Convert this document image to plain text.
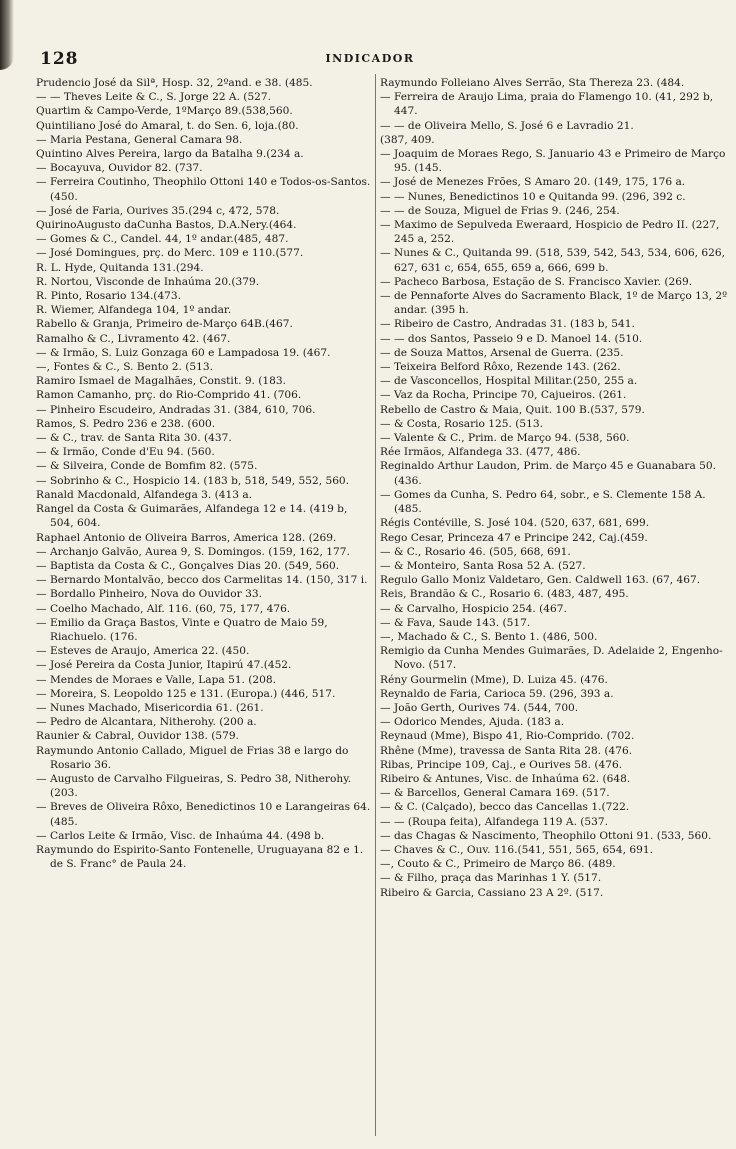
128	INDICADOR

Prudencio José da Silª, Hosp. 32, 2ºand. e 38. (485.

— — Theves Leite & C., S. Jorge 22 A. (527.

Quartim & Campo-Verde, 1ºMarço 89.(538,560.

Quintiliano José do Amaral, t. do Sen. 6, loja.(80.

— Maria Pestana, General Camara 98.

Quintino Alves Pereira, largo da Batalha 9.(234 a.

— Bocayuva, Ouvidor 82. (737.

— Ferreira Coutinho, Theophilo Ottoni 140 e Todos-os-Santos. (450.

— José de Faria, Ourives 35.(294 c, 472, 578.

QuirinoAugusto daCunha Bastos, D.A.Nery.(464.

— Gomes & C., Candel. 44, 1º andar.(485, 487.

— José Domingues, prç. do Merc. 109 e 110.(577.

R. L. Hyde, Quitanda 131.(294.

R. Nortou, Visconde de Inhaúma 20.(379.

R. Pinto, Rosario 134.(473.

R. Wiemer, Alfandega 104, 1º andar.

Rabello & Granja, Primeiro de-Março 64B.(467.

Ramalho & C., Livramento 42. (467.

— & Irmão, S. Luiz Gonzaga 60 e Lampadosa 19. (467.

—, Fontes & C., S. Bento 2. (513.

Ramiro Ismael de Magalhães, Constit. 9. (183.

Ramon Camanho, prç. do Rio-Comprido 41. (706.

— Pinheiro Escudeiro, Andradas 31. (384, 610, 706.

Ramos, S. Pedro 236 e 238. (600.

— & C., trav. de Santa Rita 30. (437.

— & Irmão, Conde d'Eu 94. (560.

— & Silveira, Conde de Bomfim 82. (575.

— Sobrinho & C., Hospicio 14. (183 b, 518, 549, 552, 560.

Ranald Macdonald, Alfandega 3. (413 a.

Rangel da Costa & Guimarães, Alfandega 12 e 14. (419 b, 504, 604.

Raphael Antonio de Oliveira Barros, America 128. (269.

— Archanjo Galvão, Aurea 9, S. Domingos. (159, 162, 177.

— Baptista da Costa & C., Gonçalves Dias 20. (549, 560.

— Bernardo Montalvão, becco dos Carmelitas 14. (150, 317 i.

— Bordallo Pinheiro, Nova do Ouvidor 33.

— Coelho Machado, Alf. 116. (60, 75, 177, 476.

— Emilio da Graça Bastos, Vinte e Quatro de Maio 59, Riachuelo. (176.

— Esteves de Araujo, America 22. (450.

— José Pereira da Costa Junior, Itapirú 47.(452.

— Mendes de Moraes e Valle, Lapa 51. (208.

— Moreira, S. Leopoldo 125 e 131. (Europa.) (446, 517.

— Nunes Machado, Misericordia 61. (261.

— Pedro de Alcantara, Nitherohy. (200 a.

Raunier & Cabral, Ouvidor 138. (579.

Raymundo Antonio Callado, Miguel de Frias 38 e largo do Rosario 36.

— Augusto de Carvalho Filgueiras, S. Pedro 38, Nitherohy. (203.

— Breves de Oliveira Rôxo, Benedictinos 10 e Larangeiras 64. (485.

— Carlos Leite & Irmão, Visc. de Inhaúma 44. (498 b.

Raymundo do Espirito-Santo Fontenelle, Uruguayana 82 e 1. de S. Franc° de Paula 24.

Raymundo Folleiano Alves Serrão, Sta Thereza 23. (484.

— Ferreira de Araujo Lima, praia do Flamengo 10. (41, 292 b, 447.

— — de Oliveira Mello, S. José 6 e Lavradio 21.

(387, 409.

— Joaquim de Moraes Rego, S. Januario 43 e Primeiro de Março 95. (145.

— José de Menezes Frões, S Amaro 20. (149, 175, 176 a.

— — Nunes, Benedictinos 10 e Quitanda 99. (296, 392 c.

— — de Souza, Miguel de Frias 9. (246, 254.

— Maximo de Sepulveda Eweraard, Hospicio de Pedro II. (227, 245 a, 252.

— Nunes & C., Quitanda 99. (518, 539, 542, 543, 534, 606, 626, 627, 631 c, 654, 655, 659 a, 666, 699 b.

— Pacheco Barbosa, Estação de S. Francisco Xavier. (269.

— de Pennaforte Alves do Sacramento Black, 1º de Março 13, 2º andar. (395 h.

— Ribeiro de Castro, Andradas 31. (183 b, 541.

— — dos Santos, Passeio 9 e D. Manoel 14. (510.

— de Souza Mattos, Arsenal de Guerra. (235.

— Teixeira Belford Rôxo, Rezende 143. (262.

— de Vasconcellos, Hospital Militar.(250, 255 a.

— Vaz da Rocha, Principe 70, Cajueiros. (261.

Rebello de Castro & Maia, Quit. 100 B.(537, 579.

— & Costa, Rosario 125. (513.

— Valente & C., Prim. de Março 94. (538, 560.

Rée Irmãos, Alfandega 33. (477, 486.

Reginaldo Arthur Laudon, Prim. de Março 45 e Guanabara 50. (436.

— Gomes da Cunha, S. Pedro 64, sobr., e S. Clemente 158 A. (485.

Régis Contéville, S. José 104. (520, 637, 681, 699.

Rego Cesar, Princeza 47 e Principe 242, Caj.(459.

— & C., Rosario 46. (505, 668, 691.

— & Monteiro, Santa Rosa 52 A. (527.

Regulo Gallo Moniz Valdetaro, Gen. Caldwell 163. (67, 467.

Reis, Brandão & C., Rosario 6. (483, 487, 495.

— & Carvalho, Hospicio 254. (467.

— & Fava, Saude 143. (517.

—, Machado & C., S. Bento 1. (486, 500.

Remigio da Cunha Mendes Guimarães, D. Adelaide 2, Engenho-Novo. (517.

Rény Gourmelin (Mme), D. Luiza 45. (476.

Reynaldo de Faria, Carioca 59. (296, 393 a.

— João Gerth, Ourives 74. (544, 700.

— Odorico Mendes, Ajuda. (183 a.

Reynaud (Mme), Bispo 41, Rio-Comprido. (702.

Rhêne (Mme), travessa de Santa Rita 28. (476.

Ribas, Principe 109, Caj., e Ourives 58. (476.

Ribeiro & Antunes, Visc. de Inhaúma 62. (648.

— & Barcellos, General Camara 169. (517.

— & C. (Calçado), becco das Cancellas 1.(722.

— — (Roupa feita), Alfandega 119 A. (537.

— das Chagas & Nascimento, Theophilo Ottoni 91. (533, 560.

— Chaves & C., Ouv. 116.(541, 551, 565, 654, 691.

—, Couto & C., Primeiro de Março 86. (489.

— & Filho, praça das Marinhas 1 Y. (517.

Ribeiro & Garcia, Cassiano 23 A 2º. (517.
